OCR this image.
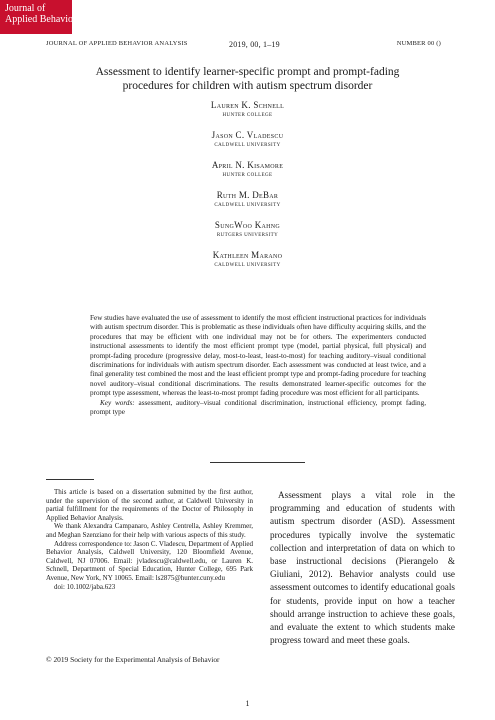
Journal of
Applied Behavior Analysis
JOURNAL OF APPLIED BEHAVIOR ANALYSIS	2019, 00, 1–19	NUMBER 00 ()
Assessment to identify learner-specific prompt and prompt-fading
procedures for children with autism spectrum disorder
Lauren K. Schnell
HUNTER COLLEGE
Jason C. Vladescu
CALDWELL UNIVERSITY
April N. Kisamore
HUNTER COLLEGE
Ruth M. DeBar
CALDWELL UNIVERSITY
SungWoo Kahng
RUTGERS UNIVERSITY
Kathleen Marano
CALDWELL UNIVERSITY
Few studies have evaluated the use of assessment to identify the most efficient instructional practices for individuals with autism spectrum disorder. This is problematic as these individuals often have difficulty acquiring skills, and the procedures that may be efficient with one individual may not be for others. The experimenters conducted instructional assessments to identify the most efficient prompt type (model, partial physical, full physical) and prompt-fading procedure (progressive delay, most-to-least, least-to-most) for teaching auditory–visual conditional discriminations for individuals with autism spectrum disorder. Each assessment was conducted at least twice, and a final generality test combined the most and the least efficient prompt type and prompt-fading procedure for teaching novel auditory–visual conditional discriminations. The results demonstrated learner-specific outcomes for the prompt type assessment, whereas the least-to-most prompt fading procedure was most efficient for all participants.
Key words: assessment, auditory–visual conditional discrimination, instructional efficiency, prompt fading, prompt type

This article is based on a dissertation submitted by the first author, under the supervision of the second author, at Caldwell University in partial fulfillment for the requirements of the Doctor of Philosophy in Applied Behavior Analysis.

We thank Alexandra Campanaro, Ashley Centrella, Ashley Kremmer, and Meghan Szenziano for their help with various aspects of this study.

Address correspondence to: Jason C. Vladescu, Department of Applied Behavior Analysis, Caldwell University, 120 Bloomfield Avenue, Caldwell, NJ 07006. Email: jvladescu@caldwell.edu, or Lauren K. Schnell, Department of Special Education, Hunter College, 695 Park Avenue, New York, NY 10065. Email: ls2875@hunter.cuny.edu

doi: 10.1002/jaba.623

© 2019 Society for the Experimental Analysis of Behavior

Assessment plays a vital role in the programming and education of students with autism spectrum disorder (ASD). Assessment procedures typically involve the systematic collection and interpretation of data on which to base instructional decisions (Pierangelo & Giuliani, 2012). Behavior analysts could use assessment outcomes to identify educational goals for students, provide input on how a teacher should arrange instruction to achieve these goals, and evaluate the extent to which students make progress toward and meet these goals.

1
